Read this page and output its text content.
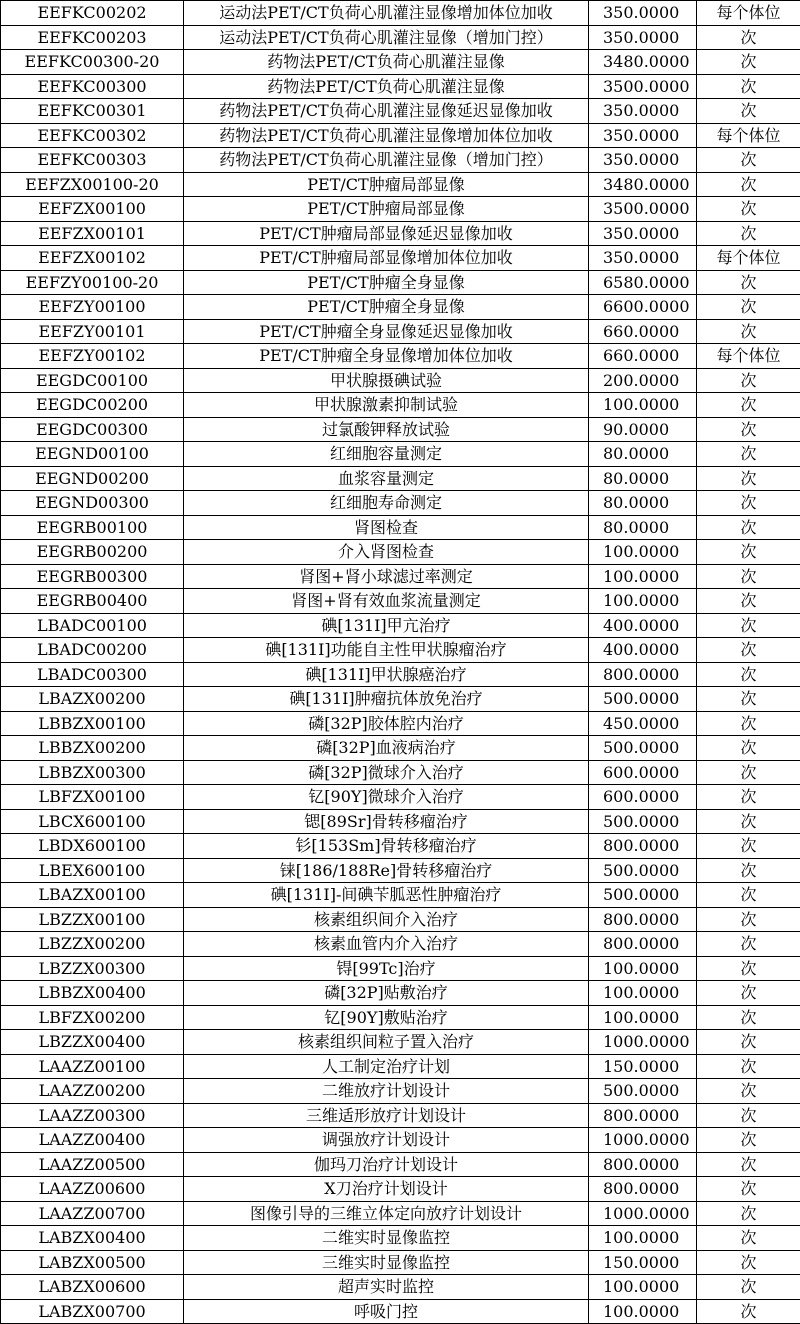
EEFKC00202	运动法PET/CT负荷心肌灌注显像增加体位加收	350.0000	每个体位
EEFKC00203	运动法PET/CT负荷心肌灌注显像（增加门控）	350.0000	次
EEFKC00300-20	药物法PET/CT负荷心肌灌注显像	3480.0000	次
EEFKC00300	药物法PET/CT负荷心肌灌注显像	3500.0000	次
EEFKC00301	药物法PET/CT负荷心肌灌注显像延迟显像加收	350.0000	次
EEFKC00302	药物法PET/CT负荷心肌灌注显像增加体位加收	350.0000	每个体位
EEFKC00303	药物法PET/CT负荷心肌灌注显像（增加门控）	350.0000	次
EEFZX00100-20	PET/CT肿瘤局部显像	3480.0000	次
EEFZX00100	PET/CT肿瘤局部显像	3500.0000	次
EEFZX00101	PET/CT肿瘤局部显像延迟显像加收	350.0000	次
EEFZX00102	PET/CT肿瘤局部显像增加体位加收	350.0000	每个体位
EEFZY00100-20	PET/CT肿瘤全身显像	6580.0000	次
EEFZY00100	PET/CT肿瘤全身显像	6600.0000	次
EEFZY00101	PET/CT肿瘤全身显像延迟显像加收	660.0000	次
EEFZY00102	PET/CT肿瘤全身显像增加体位加收	660.0000	每个体位
EEGDC00100	甲状腺摄碘试验	200.0000	次
EEGDC00200	甲状腺激素抑制试验	100.0000	次
EEGDC00300	过氯酸钾释放试验	90.0000	次
EEGND00100	红细胞容量测定	80.0000	次
EEGND00200	血浆容量测定	80.0000	次
EEGND00300	红细胞寿命测定	80.0000	次
EEGRB00100	肾图检查	80.0000	次
EEGRB00200	介入肾图检查	100.0000	次
EEGRB00300	肾图+肾小球滤过率测定	100.0000	次
EEGRB00400	肾图+肾有效血浆流量测定	100.0000	次
LBADC00100	碘[131I]甲亢治疗	400.0000	次
LBADC00200	碘[131I]功能自主性甲状腺瘤治疗	400.0000	次
LBADC00300	碘[131I]甲状腺癌治疗	800.0000	次
LBAZX00200	碘[131I]肿瘤抗体放免治疗	500.0000	次
LBBZX00100	磷[32P]胶体腔内治疗	450.0000	次
LBBZX00200	磷[32P]血液病治疗	500.0000	次
LBBZX00300	磷[32P]微球介入治疗	600.0000	次
LBFZX00100	钇[90Y]微球介入治疗	600.0000	次
LBCX600100	锶[89Sr]骨转移瘤治疗	500.0000	次
LBDX600100	钐[153Sm]骨转移瘤治疗	800.0000	次
LBEX600100	铼[186/188Re]骨转移瘤治疗	500.0000	次
LBAZX00100	碘[131I]-间碘苄胍恶性肿瘤治疗	500.0000	次
LBZZX00100	核素组织间介入治疗	800.0000	次
LBZZX00200	核素血管内介入治疗	800.0000	次
LBZZX00300	锝[99Tc]治疗	100.0000	次
LBBZX00400	磷[32P]贴敷治疗	100.0000	次
LBFZX00200	钇[90Y]敷贴治疗	100.0000	次
LBZZX00400	核素组织间粒子置入治疗	1000.0000	次
LAAZZ00100	人工制定治疗计划	150.0000	次
LAAZZ00200	二维放疗计划设计	500.0000	次
LAAZZ00300	三维适形放疗计划设计	800.0000	次
LAAZZ00400	调强放疗计划设计	1000.0000	次
LAAZZ00500	伽玛刀治疗计划设计	800.0000	次
LAAZZ00600	X刀治疗计划设计	800.0000	次
LAAZZ00700	图像引导的三维立体定向放疗计划设计	1000.0000	次
LABZX00400	二维实时显像监控	100.0000	次
LABZX00500	三维实时显像监控	150.0000	次
LABZX00600	超声实时监控	100.0000	次
LABZX00700	呼吸门控	100.0000	次
